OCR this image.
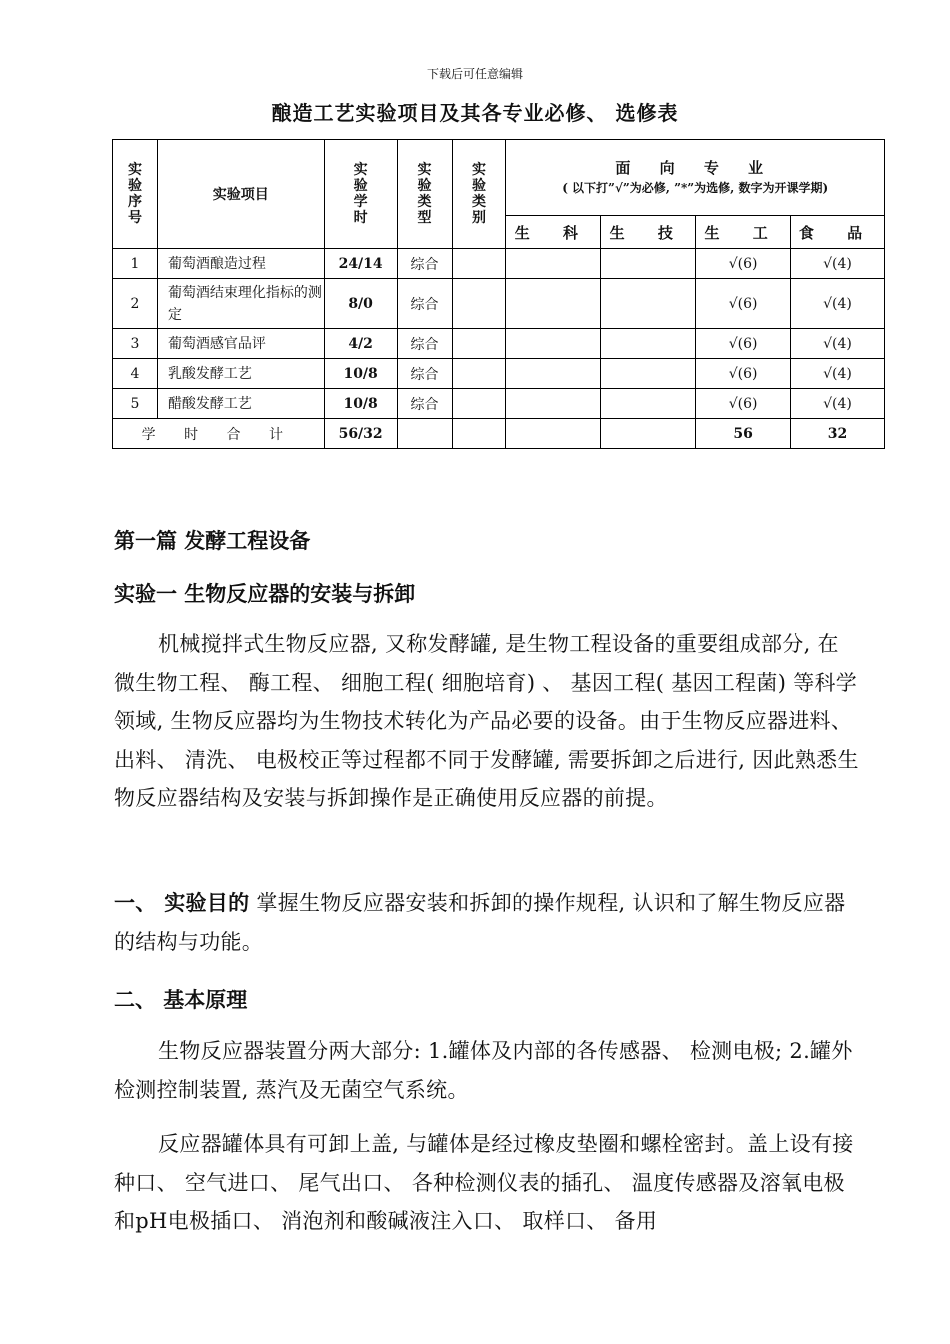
下载后可任意编辑
酿造工艺实验项目及其各专业必修、 选修表
实验序号	实验项目	实验学时	实验类型	实验类别	面 向 专 业
( 以下打”√”为必修, ”*”为选修, 数字为开课学期)			

					生 科	生 技	生 工	食 品
1	葡萄酒酿造过程	24/14	综合				√(6)	√(4)
2	葡萄酒结束理化指标的测定	8/0	综合				√(6)	√(4)
3	葡萄酒感官品评	4/2	综合				√(6)	√(4)
4	乳酸发酵工艺	10/8	综合				√(6)	√(4)
5	醋酸发酵工艺	10/8	综合				√(6)	√(4)
学 时 合 计		56/32					56	32
第一篇 发酵工程设备
实验一 生物反应器的安装与拆卸
机械搅拌式生物反应器, 又称发酵罐, 是生物工程设备的重要组成部分, 在微生物工程、 酶工程、 细胞工程( 细胞培育) 、 基因工程( 基因工程菌) 等科学领域, 生物反应器均为生物技术转化为产品必要的设备。由于生物反应器进料、 出料、 清洗、 电极校正等过程都不同于发酵罐, 需要拆卸之后进行, 因此熟悉生物反应器结构及安装与拆卸操作是正确使用反应器的前提。
一、 实验目的 掌握生物反应器安装和拆卸的操作规程, 认识和了解生物反应器的结构与功能。
二、 基本原理
生物反应器装置分两大部分: 1.罐体及内部的各传感器、 检测电极; 2.罐外检测控制装置, 蒸汽及无菌空气系统。
反应器罐体具有可卸上盖, 与罐体是经过橡皮垫圈和螺栓密封。盖上设有接种口、 空气进口、 尾气出口、 各种检测仪表的插孔、 温度传感器及溶氧电极和pH电极插口、 消泡剂和酸碱液注入口、 取样口、 备用
